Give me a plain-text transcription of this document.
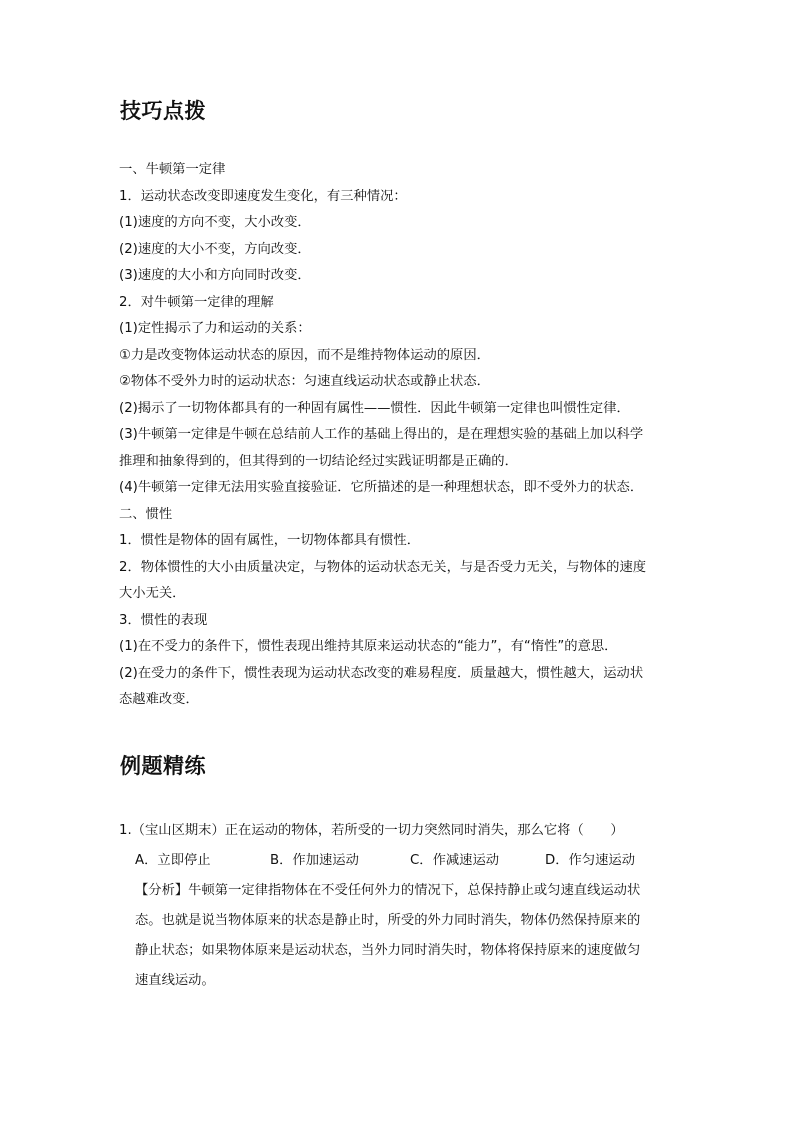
技巧点拨
一、牛顿第一定律
1．运动状态改变即速度发生变化，有三种情况：
(1)速度的方向不变，大小改变．
(2)速度的大小不变，方向改变．
(3)速度的大小和方向同时改变．
2．对牛顿第一定律的理解
(1)定性揭示了力和运动的关系：
①力是改变物体运动状态的原因，而不是维持物体运动的原因．
②物体不受外力时的运动状态：匀速直线运动状态或静止状态．
(2)揭示了一切物体都具有的一种固有属性——惯性．因此牛顿第一定律也叫惯性定律．
(3)牛顿第一定律是牛顿在总结前人工作的基础上得出的，是在理想实验的基础上加以科学
推理和抽象得到的，但其得到的一切结论经过实践证明都是正确的．
(4)牛顿第一定律无法用实验直接验证．它所描述的是一种理想状态，即不受外力的状态．
二、惯性
1．惯性是物体的固有属性，一切物体都具有惯性．
2．物体惯性的大小由质量决定，与物体的运动状态无关，与是否受力无关，与物体的速度
大小无关．
3．惯性的表现
(1)在不受力的条件下，惯性表现出维持其原来运动状态的“能力”，有“惰性”的意思．
(2)在受力的条件下，惯性表现为运动状态改变的难易程度．质量越大，惯性越大，运动状
态越难改变．
例题精练
1.（宝山区期末）正在运动的物体，若所受的一切力突然同时消失，那么它将（　　）
A．立即停止	B．作加速运动	C．作减速运动	D．作匀速运动
【分析】牛顿第一定律指物体在不受任何外力的情况下，总保持静止或匀速直线运动状
态。也就是说当物体原来的状态是静止时，所受的外力同时消失，物体仍然保持原来的
静止状态；如果物体原来是运动状态，当外力同时消失时，物体将保持原来的速度做匀
速直线运动。
